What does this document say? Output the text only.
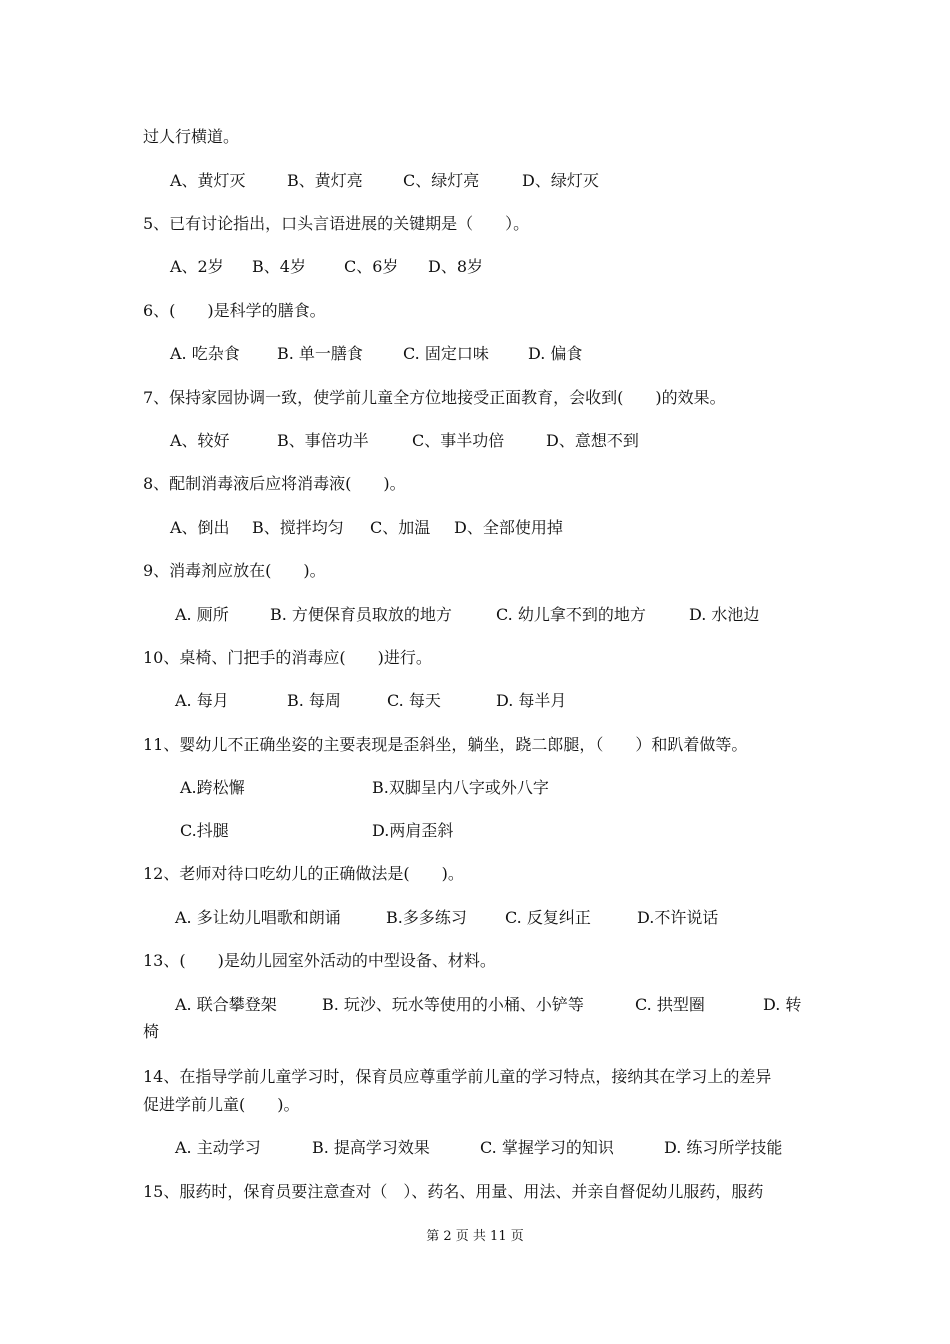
过人行横道。
A、黄灯灭	B、黄灯亮	C、绿灯亮	D、绿灯灭
5、已有讨论指出，口头言语进展的关键期是（　　）。
A、2岁 B、4岁 C、6岁 D、8岁
6、(　　)是科学的膳食。
A. 吃杂食 B. 单一膳食	C. 固定口味 D. 偏食
7、保持家园协调一致，使学前儿童全方位地接受正面教育，会收到(　　)的效果。
A、较好	B、事倍功半	C、事半功倍	D、意想不到
8、配制消毒液后应将消毒液(　　)。
A、倒出 B、搅拌均匀 C、加温 D、全部使用掉
9、消毒剂应放在(　　)。
A. 厕所	B. 方便保育员取放的地方	C. 幼儿拿不到的地方	D. 水池边
10、桌椅、门把手的消毒应(　　)进行。
A. 每月	B. 每周	C. 每天	D. 每半月
11、婴幼儿不正确坐姿的主要表现是歪斜坐，躺坐，跷二郎腿，（　　）和趴着做等。
A.跨松懈	B.双脚呈内八字或外八字
C.抖腿	D.两肩歪斜
12、老师对待口吃幼儿的正确做法是(　　)。
A. 多让幼儿唱歌和朗诵	B.多多练习 C. 反复纠正	D.不许说话
13、(　　)是幼儿园室外活动的中型设备、材料。
A. 联合攀登架	B. 玩沙、玩水等使用的小桶、小铲等	C. 拱型圈	D. 转
椅
14、在指导学前儿童学习时，保育员应尊重学前儿童的学习特点，接纳其在学习上的差异
促进学前儿童(　　)。
A. 主动学习	B. 提高学习效果	C. 掌握学习的知识	D. 练习所学技能
15、服药时，保育员要注意查对（　）、药名、用量、用法、并亲自督促幼儿服药，服药
第 2 页 共 11 页
